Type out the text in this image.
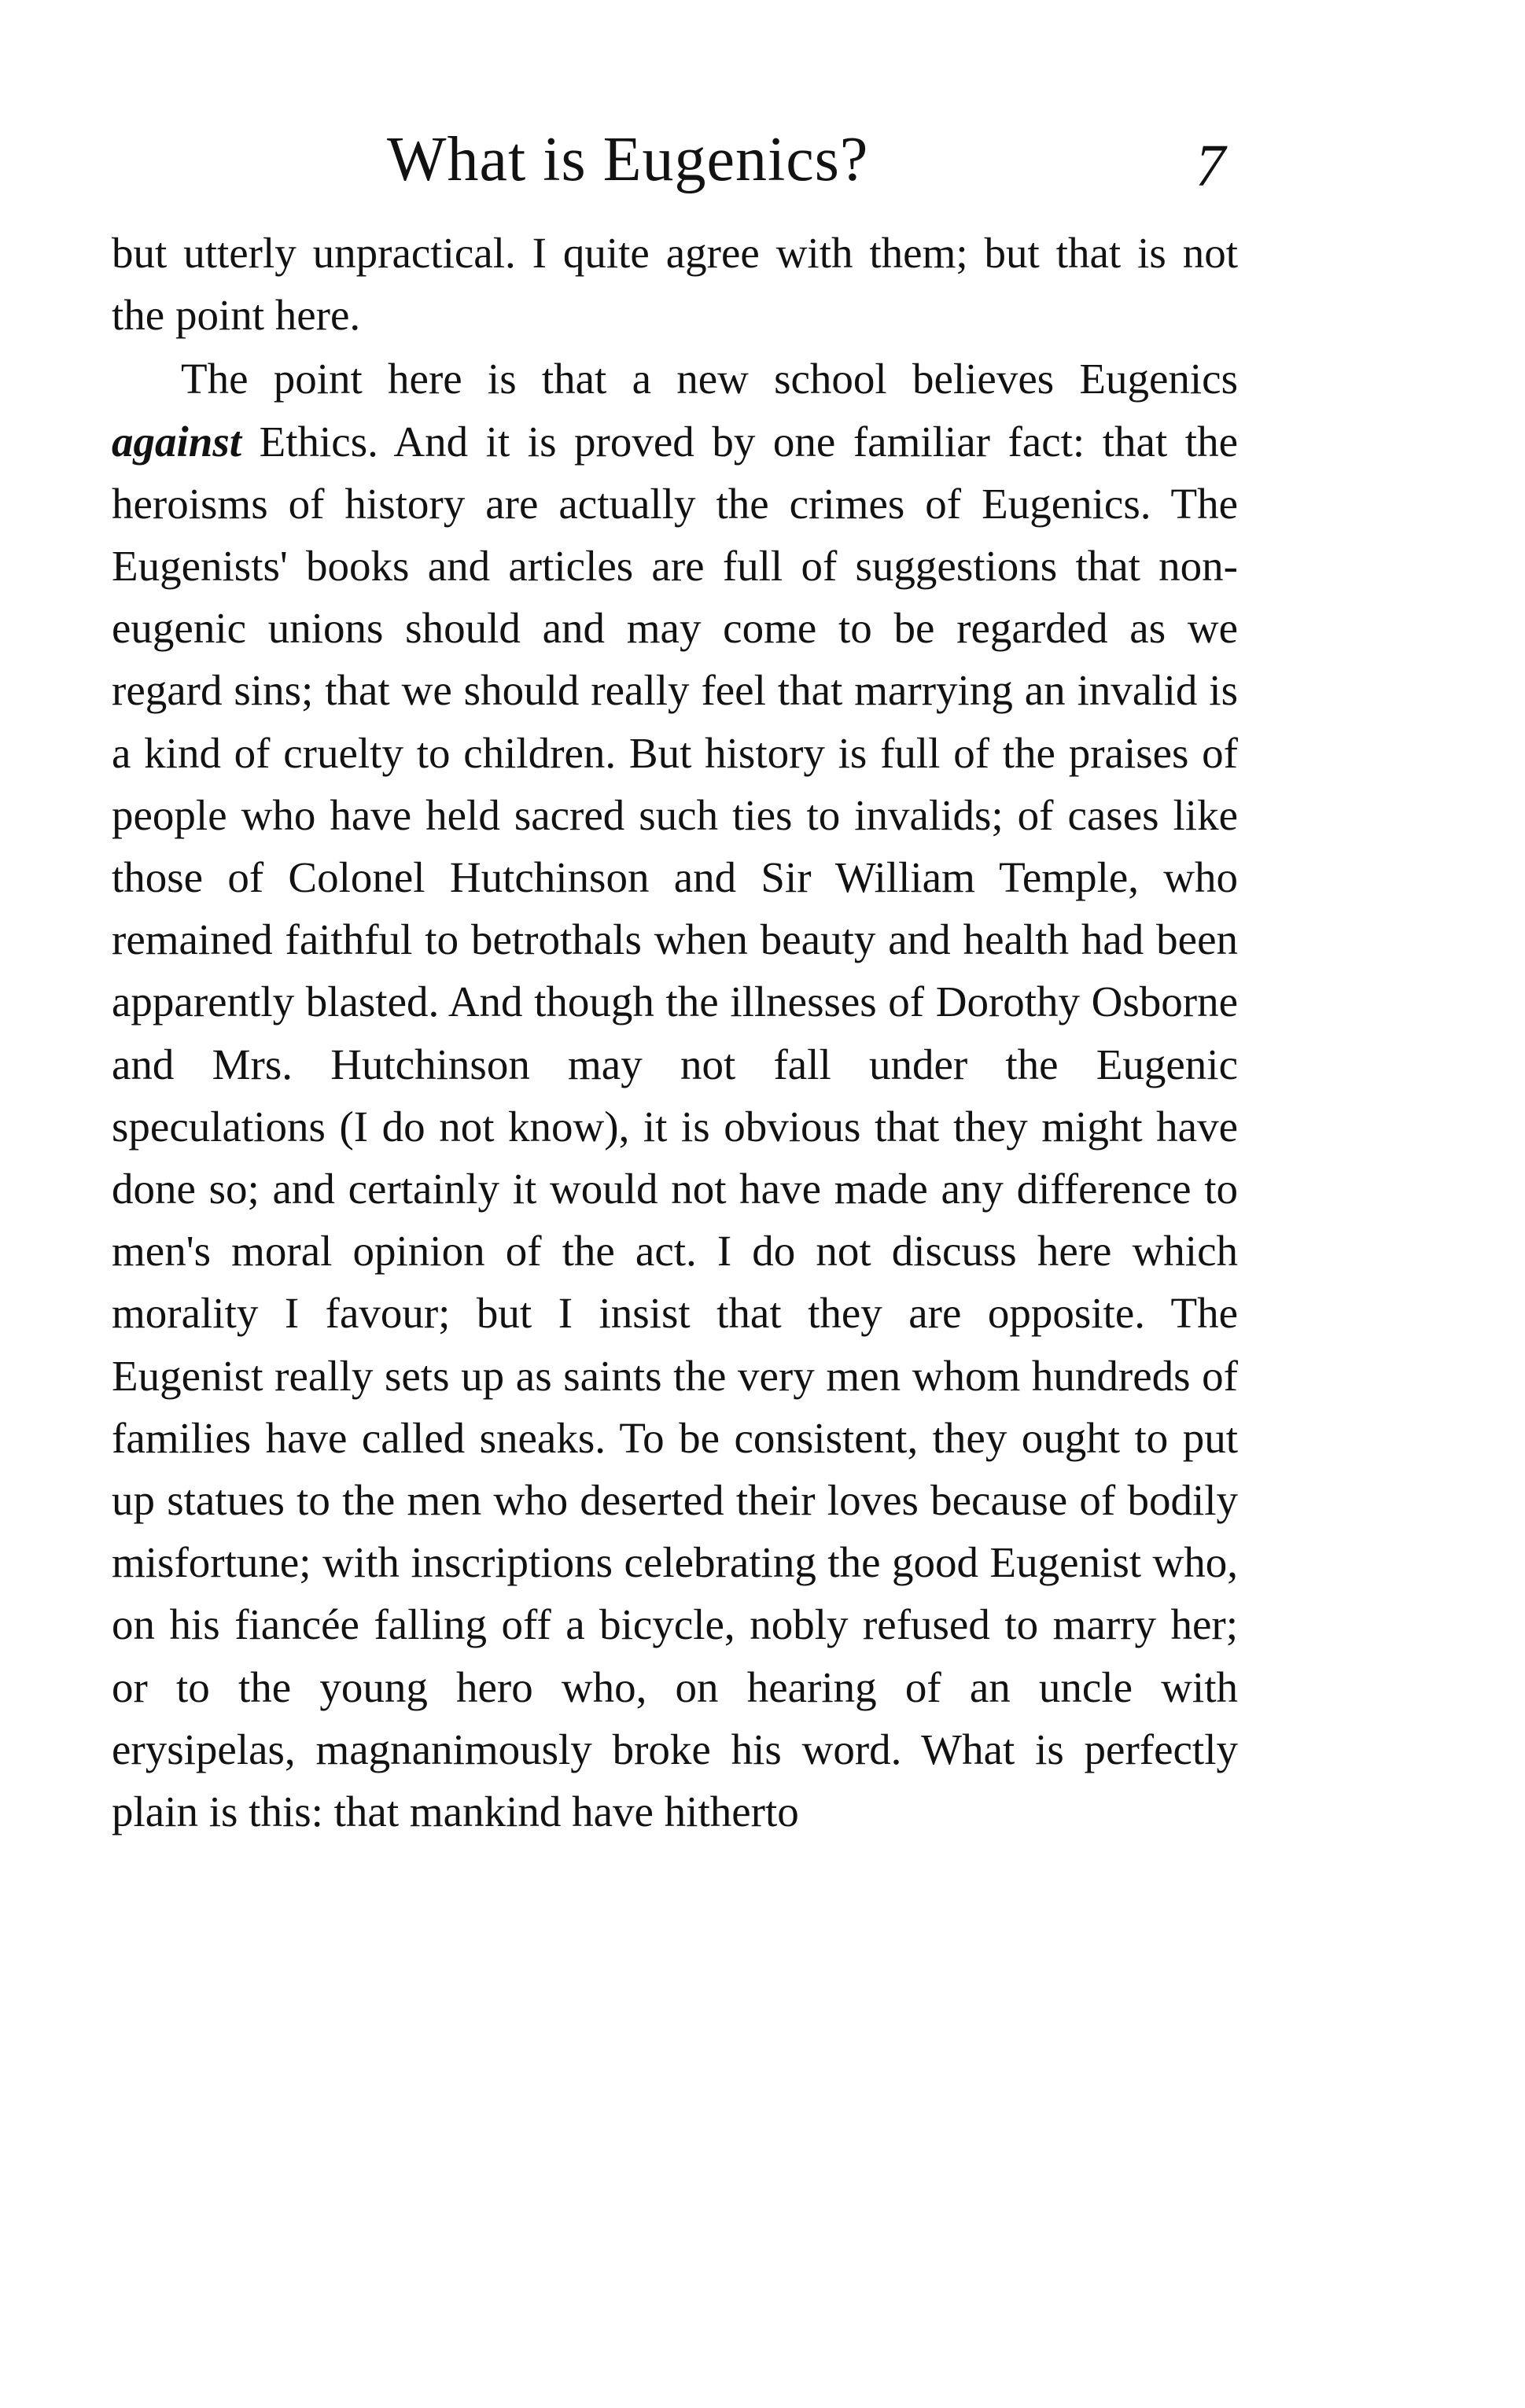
What is Eugenics?	7

but utterly unpractical. I quite agree with them; but that is not the point here.

The point here is that a new school believes Eugenics against Ethics. And it is proved by one familiar fact: that the heroisms of history are actually the crimes of Eugenics. The Eugenists' books and articles are full of suggestions that non-eugenic unions should and may come to be regarded as we regard sins; that we should really feel that marrying an invalid is a kind of cruelty to children. But history is full of the praises of people who have held sacred such ties to invalids; of cases like those of Colonel Hutchinson and Sir William Temple, who remained faithful to betrothals when beauty and health had been apparently blasted. And though the illnesses of Dorothy Osborne and Mrs. Hutchinson may not fall under the Eugenic speculations (I do not know), it is obvious that they might have done so; and certainly it would not have made any difference to men's moral opinion of the act. I do not discuss here which morality I favour; but I insist that they are opposite. The Eugenist really sets up as saints the very men whom hundreds of families have called sneaks. To be consistent, they ought to put up statues to the men who deserted their loves because of bodily misfortune; with inscriptions celebrating the good Eugenist who, on his fiancée falling off a bicycle, nobly refused to marry her; or to the young hero who, on hearing of an uncle with erysipelas, magnanimously broke his word. What is perfectly plain is this: that mankind have hitherto
